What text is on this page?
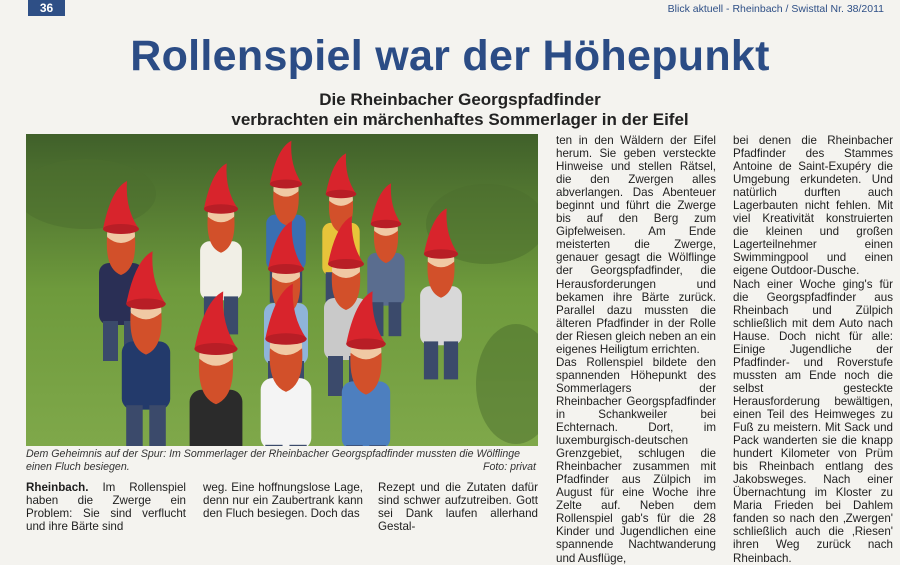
36	Blick aktuell - Rheinbach / Swisttal Nr. 38/2011
Rollenspiel war der Höhepunkt
Die Rheinbacher Georgspfadfinder
verbrachten ein märchenhaftes Sommerlager in der Eifel
Dem Geheimnis auf der Spur: Im Sommerlager der Rheinbacher Georgspfadfinder mussten die Wölflinge einen Fluch besiegen.	Foto: privat

Rheinbach. Im Rollenspiel haben die Zwerge ein Problem: Sie sind verflucht und ihre Bärte sind

weg. Eine hoffnungslose Lage, denn nur ein Zaubertrank kann den Fluch besiegen. Doch das

Rezept und die Zutaten dafür sind schwer aufzutreiben. Gott sei Dank laufen allerhand Gestal-

ten in den Wäldern der Eifel herum. Sie geben versteckte Hinweise und stellen Rätsel, die den Zwergen alles abverlangen. Das Abenteuer beginnt und führt die Zwerge bis auf den Berg zum Gipfelweisen. Am Ende meisterten die Zwerge, genauer gesagt die Wölflinge der Georgspfadfinder, die Herausforderungen und bekamen ihre Bärte zurück. Parallel dazu mussten die älteren Pfadfinder in der Rolle der Riesen gleich neben an ein eigenes Heiligtum errichten.

Das Rollenspiel bildete den spannenden Höhepunkt des Sommerlagers der Rheinbacher Georgspfadfinder in Schankweiler bei Echternach. Dort, im luxemburgisch-deutschen Grenzgebiet, schlugen die Rheinbacher zusammen mit Pfadfinder aus Zülpich im August für eine Woche ihre Zelte auf. Neben dem Rollenspiel gab's für die 28 Kinder und Jugendlichen eine spannende Nachtwanderung und Ausflüge,

bei denen die Rheinbacher Pfadfinder des Stammes Antoine de Saint-Exupéry die Umgebung erkundeten. Und natürlich durften auch Lagerbauten nicht fehlen. Mit viel Kreativität konstruierten die kleinen und großen Lagerteilnehmer einen Swimmingpool und einen eigene Outdoor-Dusche.

Nach einer Woche ging's für die Georgspfadfinder aus Rheinbach und Zülpich schließlich mit dem Auto nach Hause. Doch nicht für alle: Einige Jugendliche der Pfadfinder- und Roverstufe mussten am Ende noch die selbst gesteckte Herausforderung bewältigen, einen Teil des Heimweges zu Fuß zu meistern. Mit Sack und Pack wanderten sie die knapp hundert Kilometer von Prüm bis Rheinbach entlang des Jakobsweges. Nach einer Übernachtung im Kloster zu Maria Frieden bei Dahlem fanden so nach den ‚Zwergen' schließlich auch die ‚Riesen' ihren Weg zurück nach Rheinbach.
